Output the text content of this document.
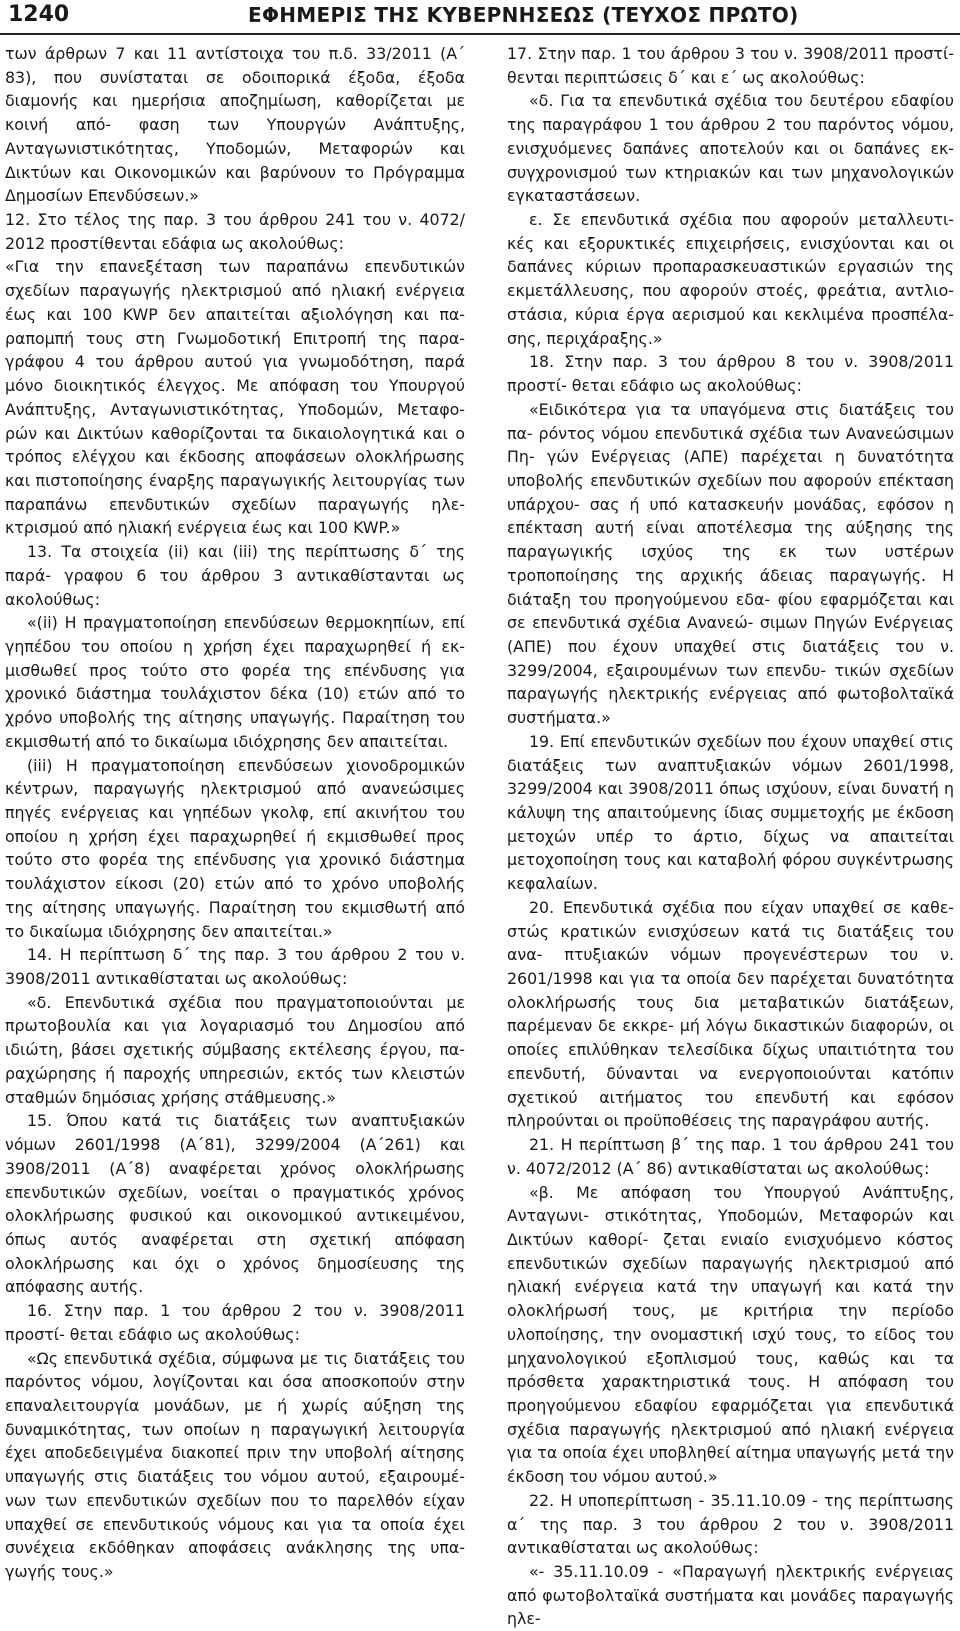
1240	ΕΦΗΜΕΡΙΣ ΤΗΣ ΚΥΒΕΡΝΗΣΕΩΣ (ΤΕΥΧΟΣ ΠΡΩΤΟ)

των άρθρων 7 και 11 αντίστοιχα του π.δ. 33/2011 (Α΄ 83), που συνίσταται σε οδοιπορικά έξοδα, έξοδα διαμονής και ημερήσια αποζημίωση, καθορίζεται με κοινή από- φαση των Υπουργών Ανάπτυξης, Ανταγωνιστικότητας, Υποδομών, Μεταφορών και Δικτύων και Οικονομικών και βαρύνουν το Πρόγραμμα Δημοσίων Επενδύσεων.»

12. Στο τέλος της παρ. 3 του άρθρου 241 του ν. 4072/ 2012 προστίθενται εδάφια ως ακολούθως:

«Για την επανεξέταση των παραπάνω επενδυτικών σχεδίων παραγωγής ηλεκτρισμού από ηλιακή ενέργεια έως και 100 KWP δεν απαιτείται αξιολόγηση και πα- ραπομπή τους στη Γνωμοδοτική Επιτροπή της παρα- γράφου 4 του άρθρου αυτού για γνωμοδότηση, παρά μόνο διοικητικός έλεγχος. Με απόφαση του Υπουργού Ανάπτυξης, Ανταγωνιστικότητας, Υποδομών, Μεταφο- ρών και Δικτύων καθορίζονται τα δικαιολογητικά και ο τρόπος ελέγχου και έκδοσης αποφάσεων ολοκλήρωσης και πιστοποίησης έναρξης παραγωγικής λειτουργίας των παραπάνω επενδυτικών σχεδίων παραγωγής ηλε- κτρισμού από ηλιακή ενέργεια έως και 100 KWP.»

13. Τα στοιχεία (ii) και (iii) της περίπτωσης δ΄ της παρά- γραφου 6 του άρθρου 3 αντικαθίστανται ως ακολούθως:

«(ii) Η πραγματοποίηση επενδύσεων θερμοκηπίων, επί γηπέδου του οποίου η χρήση έχει παραχωρηθεί ή εκ- μισθωθεί προς τούτο στο φορέα της επένδυσης για χρονικό διάστημα τουλάχιστον δέκα (10) ετών από το χρόνο υποβολής της αίτησης υπαγωγής. Παραίτηση του εκμισθωτή από το δικαίωμα ιδιόχρησης δεν απαιτείται.

(iii) Η πραγματοποίηση επενδύσεων χιονοδρομικών κέντρων, παραγωγής ηλεκτρισμού από ανανεώσιμες πηγές ενέργειας και γηπέδων γκολφ, επί ακινήτου του οποίου η χρήση έχει παραχωρηθεί ή εκμισθωθεί προς τούτο στο φορέα της επένδυσης για χρονικό διάστημα τουλάχιστον είκοσι (20) ετών από το χρόνο υποβολής της αίτησης υπαγωγής. Παραίτηση του εκμισθωτή από το δικαίωμα ιδιόχρησης δεν απαιτείται.»

14. Η περίπτωση δ΄ της παρ. 3 του άρθρου 2 του ν. 3908/2011 αντικαθίσταται ως ακολούθως:

«δ. Επενδυτικά σχέδια που πραγματοποιούνται με πρωτοβουλία και για λογαριασμό του Δημοσίου από ιδιώτη, βάσει σχετικής σύμβασης εκτέλεσης έργου, πα- ραχώρησης ή παροχής υπηρεσιών, εκτός των κλειστών σταθμών δημόσιας χρήσης στάθμευσης.»

15. Όπου κατά τις διατάξεις των αναπτυξιακών νόμων 2601/1998 (Α΄81), 3299/2004 (Α΄261) και 3908/2011 (Α΄8) αναφέρεται χρόνος ολοκλήρωσης επενδυτικών σχεδίων, νοείται ο πραγματικός χρόνος ολοκλήρωσης φυσικού και οικονομικού αντικειμένου, όπως αυτός αναφέρεται στη σχετική απόφαση ολοκλήρωσης και όχι ο χρόνος δημοσίευσης της απόφασης αυτής.

16. Στην παρ. 1 του άρθρου 2 του ν. 3908/2011 προστί- θεται εδάφιο ως ακολούθως:

«Ως επενδυτικά σχέδια, σύμφωνα με τις διατάξεις του παρόντος νόμου, λογίζονται και όσα αποσκοπούν στην επαναλειτουργία μονάδων, με ή χωρίς αύξηση της δυναμικότητας, των οποίων η παραγωγική λειτουργία έχει αποδεδειγμένα διακοπεί πριν την υποβολή αίτησης υπαγωγής στις διατάξεις του νόμου αυτού, εξαιρουμέ- νων των επενδυτικών σχεδίων που το παρελθόν είχαν υπαχθεί σε επενδυτικούς νόμους και για τα οποία έχει συνέχεια εκδόθηκαν αποφάσεις ανάκλησης της υπα- γωγής τους.»

17. Στην παρ. 1 του άρθρου 3 του ν. 3908/2011 προστί- θενται περιπτώσεις δ΄ και ε΄ ως ακολούθως:

«δ. Για τα επενδυτικά σχέδια του δευτέρου εδαφίου της παραγράφου 1 του άρθρου 2 του παρόντος νόμου, ενισχυόμενες δαπάνες αποτελούν και οι δαπάνες εκ- συγχρονισμού των κτηριακών και των μηχανολογικών εγκαταστάσεων.

ε. Σε επενδυτικά σχέδια που αφορούν μεταλλευτι- κές και εξορυκτικές επιχειρήσεις, ενισχύονται και οι δαπάνες κύριων προπαρασκευαστικών εργασιών της εκμετάλλευσης, που αφορούν στοές, φρεάτια, αντλιο- στάσια, κύρια έργα αερισμού και κεκλιμένα προσπέλα- σης, περιχάραξης.»

18. Στην παρ. 3 του άρθρου 8 του ν. 3908/2011 προστί- θεται εδάφιο ως ακολούθως:

«Ειδικότερα για τα υπαγόμενα στις διατάξεις του πα- ρόντος νόμου επενδυτικά σχέδια των Ανανεώσιμων Πη- γών Ενέργειας (ΑΠΕ) παρέχεται η δυνατότητα υποβολής επενδυτικών σχεδίων που αφορούν επέκταση υπάρχου- σας ή υπό κατασκευήν μονάδας, εφόσον η επέκταση αυτή είναι αποτέλεσμα της αύξησης της παραγωγικής ισχύος της εκ των υστέρων τροποποίησης της αρχικής άδειας παραγωγής. Η διάταξη του προηγούμενου εδα- φίου εφαρμόζεται και σε επενδυτικά σχέδια Ανανεώ- σιμων Πηγών Ενέργειας (ΑΠΕ) που έχουν υπαχθεί στις διατάξεις του ν. 3299/2004, εξαιρουμένων των επενδυ- τικών σχεδίων παραγωγής ηλεκτρικής ενέργειας από φωτοβολταϊκά συστήματα.»

19. Επί επενδυτικών σχεδίων που έχουν υπαχθεί στις διατάξεις των αναπτυξιακών νόμων 2601/1998, 3299/2004 και 3908/2011 όπως ισχύουν, είναι δυνατή η κάλυψη της απαιτούμενης ίδιας συμμετοχής με έκδοση μετοχών υπέρ το άρτιο, δίχως να απαιτείται μετοχοποίηση τους και καταβολή φόρου συγκέντρωσης κεφαλαίων.

20. Επενδυτικά σχέδια που είχαν υπαχθεί σε καθε- στώς κρατικών ενισχύσεων κατά τις διατάξεις του ανα- πτυξιακών νόμων προγενέστερων του ν. 2601/1998 και για τα οποία δεν παρέχεται δυνατότητα ολοκλήρωσής τους δια μεταβατικών διατάξεων, παρέμεναν δε εκκρε- μή λόγω δικαστικών διαφορών, οι οποίες επιλύθηκαν τελεσίδικα δίχως υπαιτιότητα του επενδυτή, δύνανται να ενεργοποιούνται κατόπιν σχετικού αιτήματος του επενδυτή και εφόσον πληρούνται οι προϋποθέσεις της παραγράφου αυτής.

21. Η περίπτωση β΄ της παρ. 1 του άρθρου 241 του ν. 4072/2012 (Α΄ 86) αντικαθίσταται ως ακολούθως:

«β. Με απόφαση του Υπουργού Ανάπτυξης, Ανταγωνι- στικότητας, Υποδομών, Μεταφορών και Δικτύων καθορί- ζεται ενιαίο ενισχυόμενο κόστος επενδυτικών σχεδίων παραγωγής ηλεκτρισμού από ηλιακή ενέργεια κατά την υπαγωγή και κατά την ολοκλήρωσή τους, με κριτήρια την περίοδο υλοποίησης, την ονομαστική ισχύ τους, το είδος του μηχανολογικού εξοπλισμού τους, καθώς και τα πρόσθετα χαρακτηριστικά τους. Η απόφαση του προηγούμενου εδαφίου εφαρμόζεται για επενδυτικά σχέδια παραγωγής ηλεκτρισμού από ηλιακή ενέργεια για τα οποία έχει υποβληθεί αίτημα υπαγωγής μετά την έκδοση του νόμου αυτού.»

22. Η υποπερίπτωση - 35.11.10.09 - της περίπτωσης α΄ της παρ. 3 του άρθρου 2 του ν. 3908/2011 αντικαθίσταται ως ακολούθως:

«- 35.11.10.09 - «Παραγωγή ηλεκτρικής ενέργειας από φωτοβολταϊκά συστήματα και μονάδες παραγωγής ηλε-
